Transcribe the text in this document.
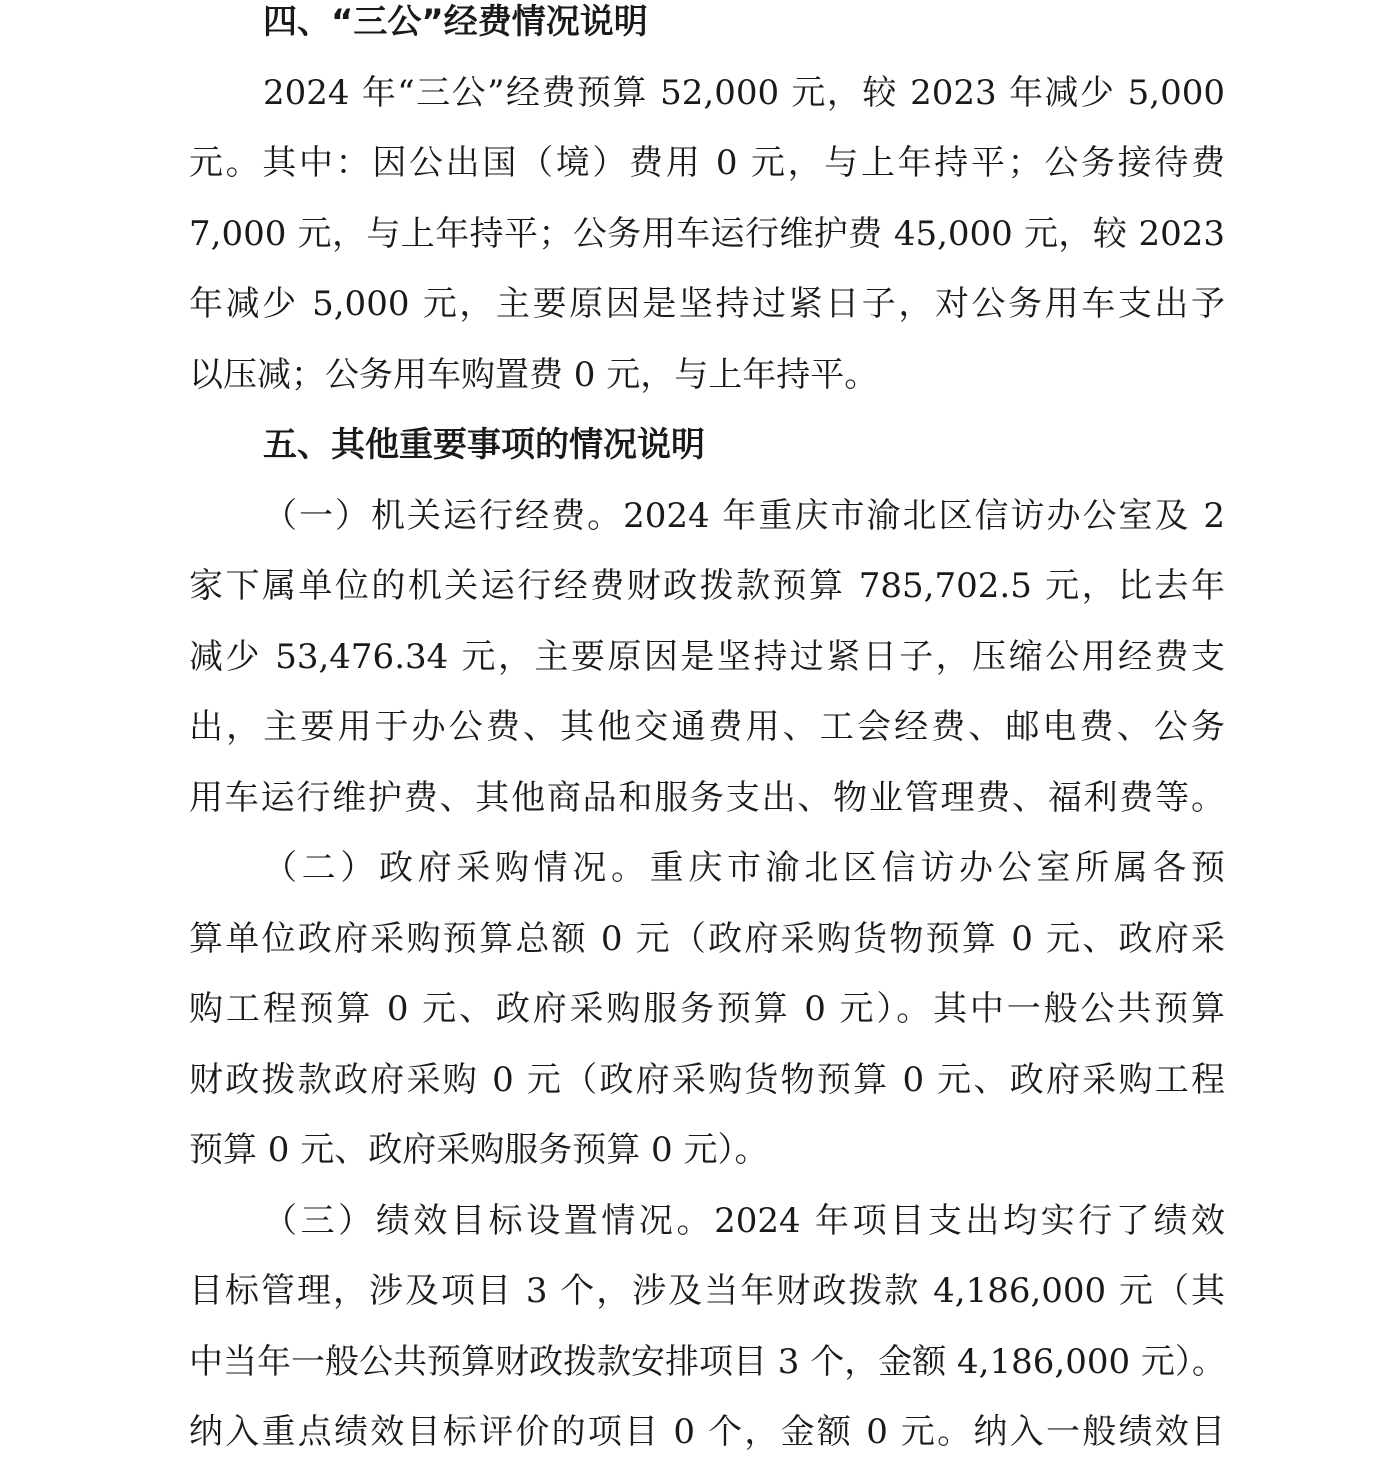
四、“三公”经费情况说明
2024 年“三公”经费预算 52,000 元，较 2023 年减少 5,000
元。其中：因公出国（境）费用 0 元，与上年持平；公务接待费
7,000 元，与上年持平；公务用车运行维护费 45,000 元，较 2023
年减少 5,000 元，主要原因是坚持过紧日子，对公务用车支出予
以压减；公务用车购置费 0 元，与上年持平。
五、其他重要事项的情况说明
（一）机关运行经费。2024 年重庆市渝北区信访办公室及 2
家下属单位的机关运行经费财政拨款预算 785,702.5 元，比去年
减少 53,476.34 元，主要原因是坚持过紧日子，压缩公用经费支
出，主要用于办公费、其他交通费用、工会经费、邮电费、公务
用车运行维护费、其他商品和服务支出、物业管理费、福利费等。
（二）政府采购情况。重庆市渝北区信访办公室所属各预
算单位政府采购预算总额 0 元（政府采购货物预算 0 元、政府采
购工程预算 0 元、政府采购服务预算 0 元）。其中一般公共预算
财政拨款政府采购 0 元（政府采购货物预算 0 元、政府采购工程
预算 0 元、政府采购服务预算 0 元）。
（三）绩效目标设置情况。2024 年项目支出均实行了绩效
目标管理，涉及项目 3 个，涉及当年财政拨款 4,186,000 元（其
中当年一般公共预算财政拨款安排项目 3 个，金额 4,186,000 元）。
纳入重点绩效目标评价的项目 0 个，金额 0 元。纳入一般绩效目
